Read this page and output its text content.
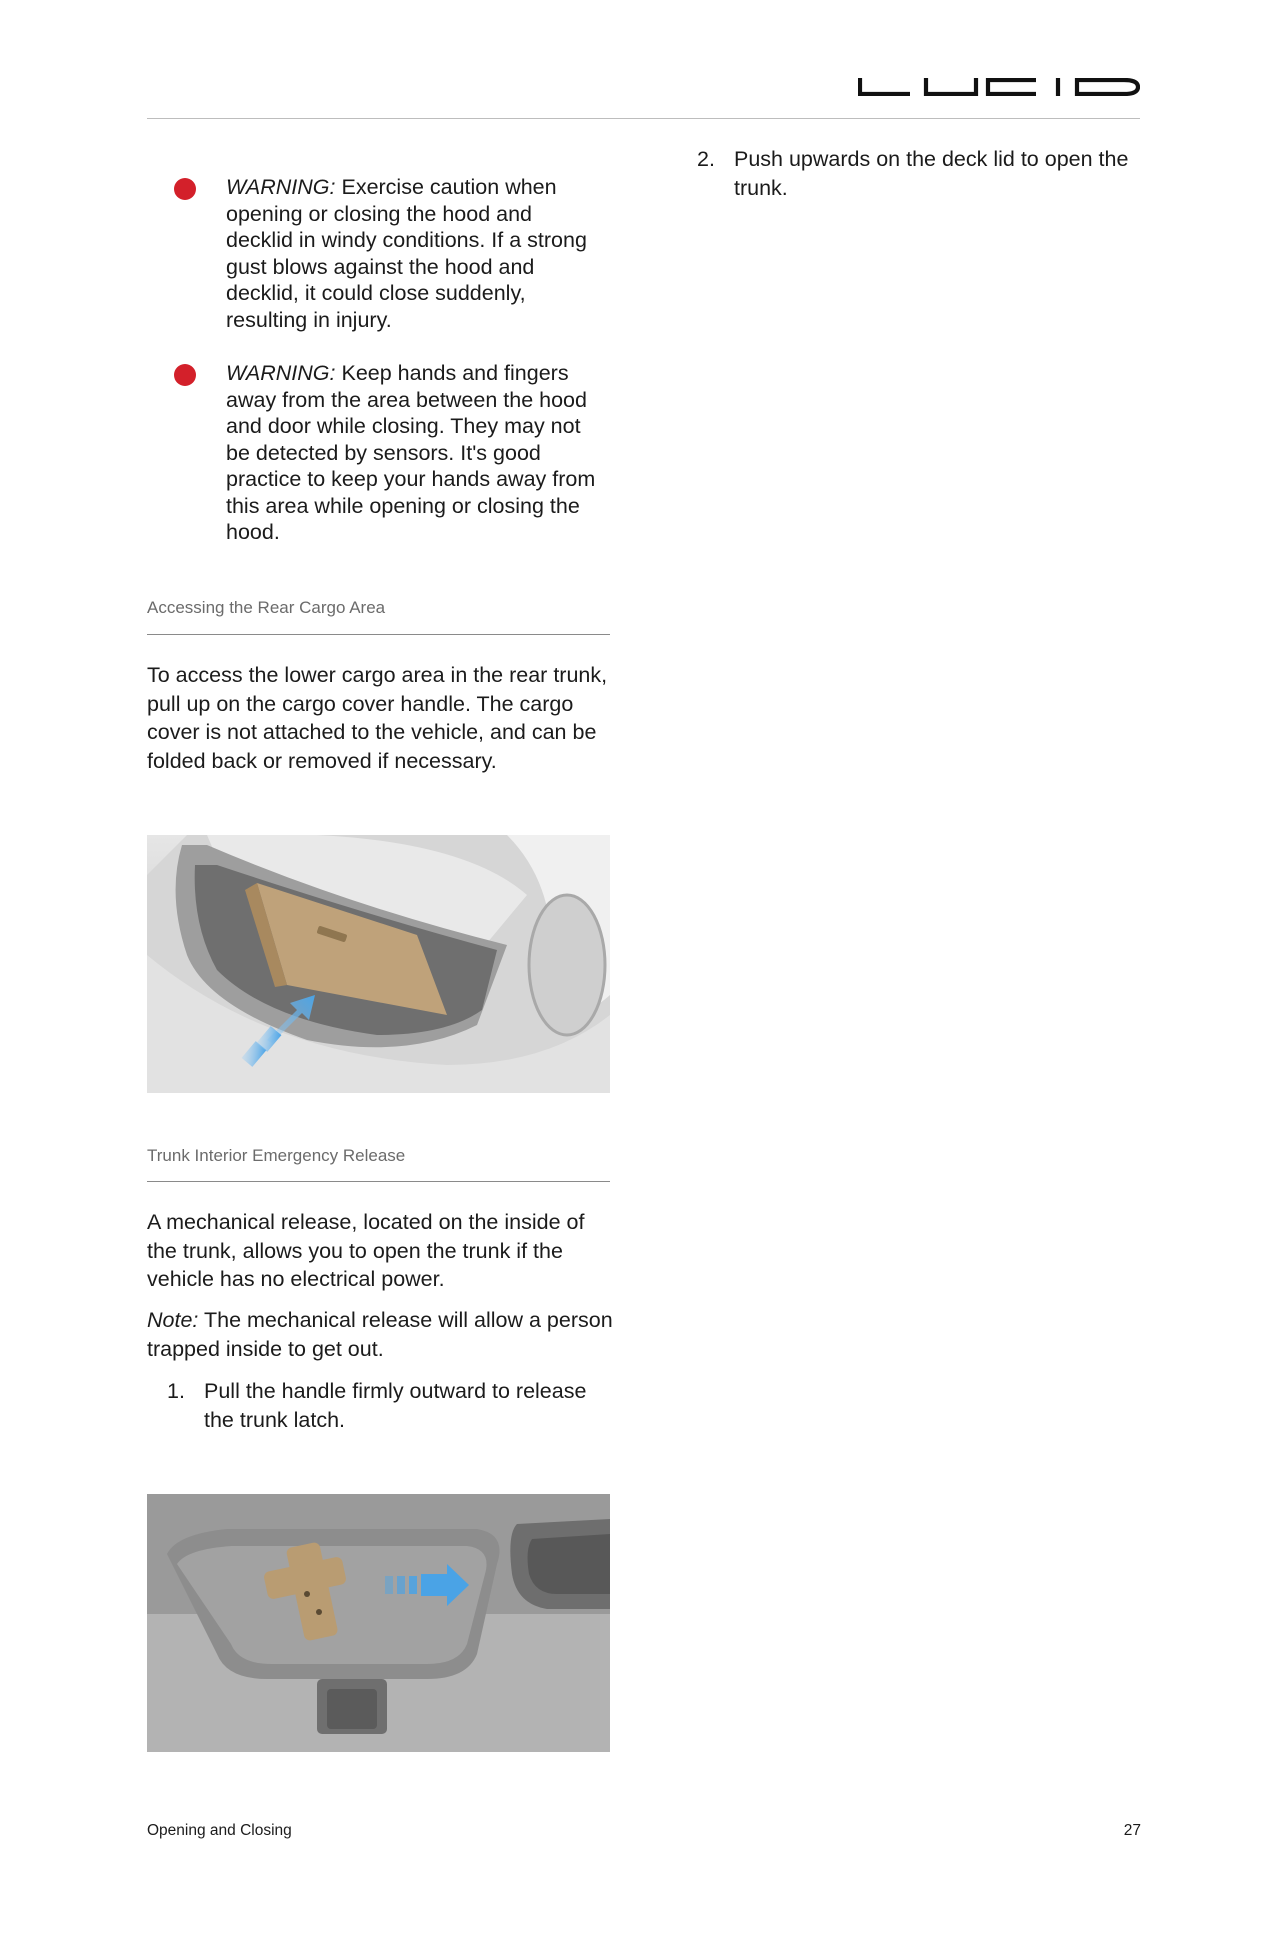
WARNING: Exercise caution when opening or closing the hood and decklid in windy conditions. If a strong gust blows against the hood and decklid, it could close suddenly, resulting in injury.
WARNING: Keep hands and fingers away from the area between the hood and door while closing. They may not be detected by sensors. It's good practice to keep your hands away from this area while opening or closing the hood.
Accessing the Rear Cargo Area
To access the lower cargo area in the rear trunk, pull up on the cargo cover handle. The cargo cover is not attached to the vehicle, and can be folded back or removed if necessary.
Trunk Interior Emergency Release
A mechanical release, located on the inside of the trunk, allows you to open the trunk if the vehicle has no electrical power.
Note: The mechanical release will allow a person trapped inside to get out.
1. Pull the handle firmly outward to release the trunk latch.
2. Push upwards on the deck lid to open the trunk.
Opening and Closing	27
